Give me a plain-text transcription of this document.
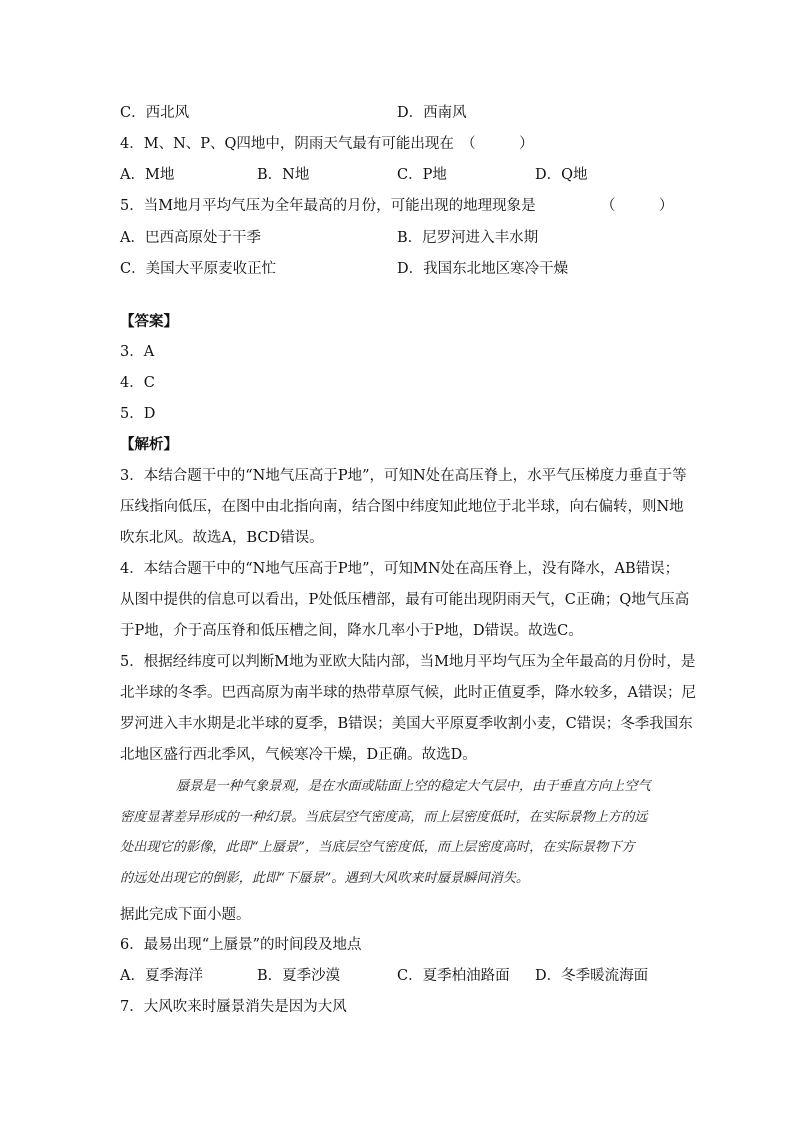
C．西北风	D．西南风
4．M、N、P、Q四地中，阴雨天气最有可能出现在　（　　　）
A．M地	B．N地	C．P地	D．Q地
5．当M地月平均气压为全年最高的月份，可能出现的地理现象是　　　　　（　　　）
A．巴西高原处于干季	B．尼罗河进入丰水期
C．美国大平原麦收正忙	D．我国东北地区寒冷干燥
【答案】
3．A
4．C
5．D
【解析】
3．本结合题干中的“N地气压高于P地”，可知N处在高压脊上，水平气压梯度力垂直于等
压线指向低压，在图中由北指向南，结合图中纬度知此地位于北半球，向右偏转，则N地
吹东北风。故选A，BCD错误。
4．本结合题干中的“N地气压高于P地”，可知MN处在高压脊上，没有降水，AB错误；
从图中提供的信息可以看出，P处低压槽部，最有可能出现阴雨天气，C正确；Q地气压高
于P地，介于高压脊和低压槽之间，降水几率小于P地，D错误。故选C。
5．根据经纬度可以判断M地为亚欧大陆内部，当M地月平均气压为全年最高的月份时，是
北半球的冬季。巴西高原为南半球的热带草原气候，此时正值夏季，降水较多，A错误；尼
罗河进入丰水期是北半球的夏季，B错误；美国大平原夏季收割小麦，C错误；冬季我国东
北地区盛行西北季风，气候寒冷干燥，D正确。故选D。

蜃景是一种气象景观，是在水面或陆面上空的稳定大气层中，由于垂直方向上空气

密度显著差异形成的一种幻景。当底层空气密度高，而上层密度低时，在实际景物上方的远

处出现它的影像，此即“上蜃景”，当底层空气密度低，而上层密度高时，在实际景物下方

的远处出现它的倒影，此即“下蜃景”。遇到大风吹来时蜃景瞬间消失。

据此完成下面小题。
6．最易出现“上蜃景”的时间段及地点
A．夏季海洋	B．夏季沙漠	C．夏季柏油路面 D．冬季暖流海面
7．大风吹来时蜃景消失是因为大风
